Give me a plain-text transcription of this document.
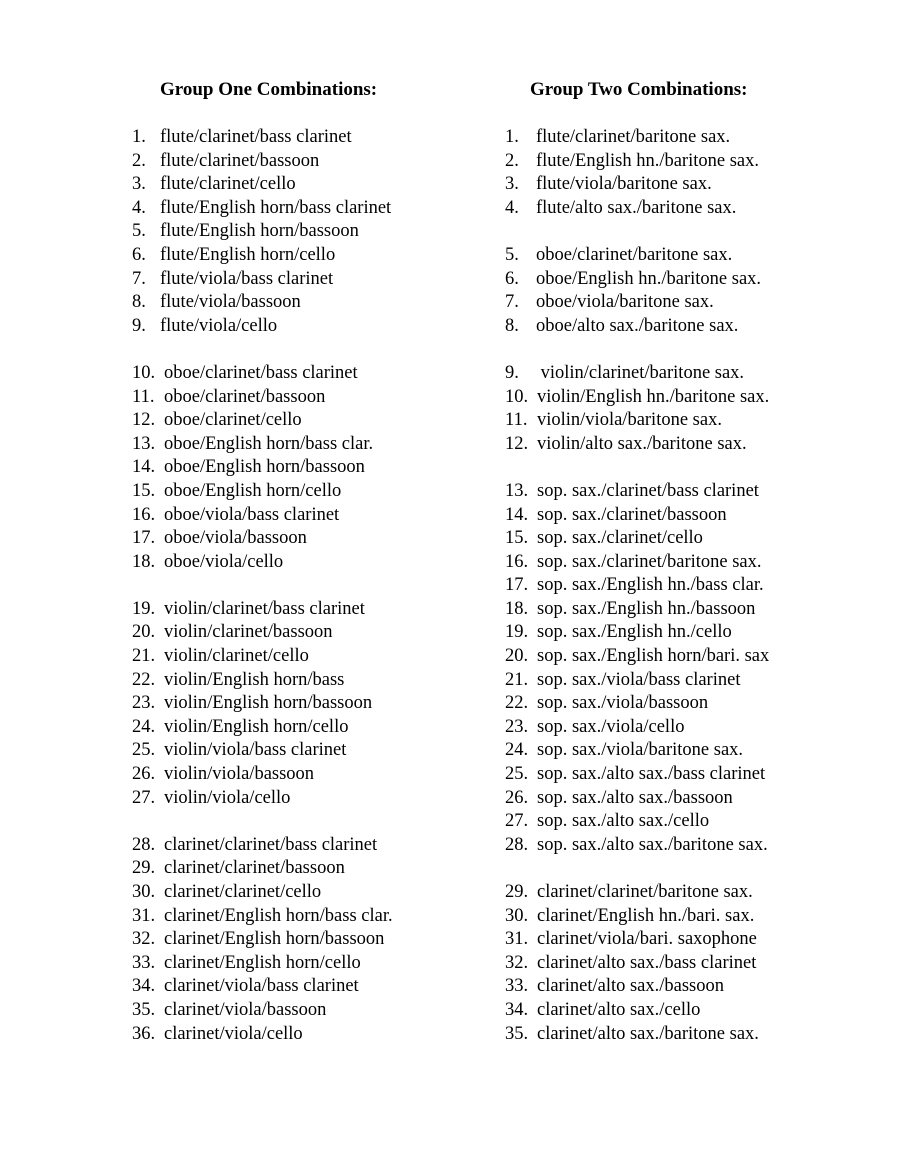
Group One Combinations:
1. flute/clarinet/bass clarinet
2. flute/clarinet/bassoon
3. flute/clarinet/cello
4. flute/English horn/bass clarinet
5. flute/English horn/bassoon
6. flute/English horn/cello
7. flute/viola/bass clarinet
8. flute/viola/bassoon
9. flute/viola/cello
10. oboe/clarinet/bass clarinet
11. oboe/clarinet/bassoon
12. oboe/clarinet/cello
13. oboe/English horn/bass clar.
14. oboe/English horn/bassoon
15. oboe/English horn/cello
16. oboe/viola/bass clarinet
17. oboe/viola/bassoon
18. oboe/viola/cello
19. violin/clarinet/bass clarinet
20. violin/clarinet/bassoon
21. violin/clarinet/cello
22. violin/English horn/bass
23. violin/English horn/bassoon
24. violin/English horn/cello
25. violin/viola/bass clarinet
26. violin/viola/bassoon
27. violin/viola/cello
28. clarinet/clarinet/bass clarinet
29. clarinet/clarinet/bassoon
30. clarinet/clarinet/cello
31. clarinet/English horn/bass clar.
32. clarinet/English horn/bassoon
33. clarinet/English horn/cello
34. clarinet/viola/bass clarinet
35. clarinet/viola/bassoon
36. clarinet/viola/cello
Group Two Combinations:
1. flute/clarinet/baritone sax.
2. flute/English hn./baritone sax.
3. flute/viola/baritone sax.
4. flute/alto sax./baritone sax.
5. oboe/clarinet/baritone sax.
6. oboe/English hn./baritone sax.
7. oboe/viola/baritone sax.
8. oboe/alto sax./baritone sax.
9. violin/clarinet/baritone sax.
10. violin/English hn./baritone sax.
11. violin/viola/baritone sax.
12. violin/alto sax./baritone sax.
13. sop. sax./clarinet/bass clarinet
14. sop. sax./clarinet/bassoon
15. sop. sax./clarinet/cello
16. sop. sax./clarinet/baritone sax.
17. sop. sax./English hn./bass clar.
18. sop. sax./English hn./bassoon
19. sop. sax./English hn./cello
20. sop. sax./English horn/bari. sax
21. sop. sax./viola/bass clarinet
22. sop. sax./viola/bassoon
23. sop. sax./viola/cello
24. sop. sax./viola/baritone sax.
25. sop. sax./alto sax./bass clarinet
26. sop. sax./alto sax./bassoon
27. sop. sax./alto sax./cello
28. sop. sax./alto sax./baritone sax.
29. clarinet/clarinet/baritone sax.
30. clarinet/English hn./bari. sax.
31. clarinet/viola/bari. saxophone
32. clarinet/alto sax./bass clarinet
33. clarinet/alto sax./bassoon
34. clarinet/alto sax./cello
35. clarinet/alto sax./baritone sax.
